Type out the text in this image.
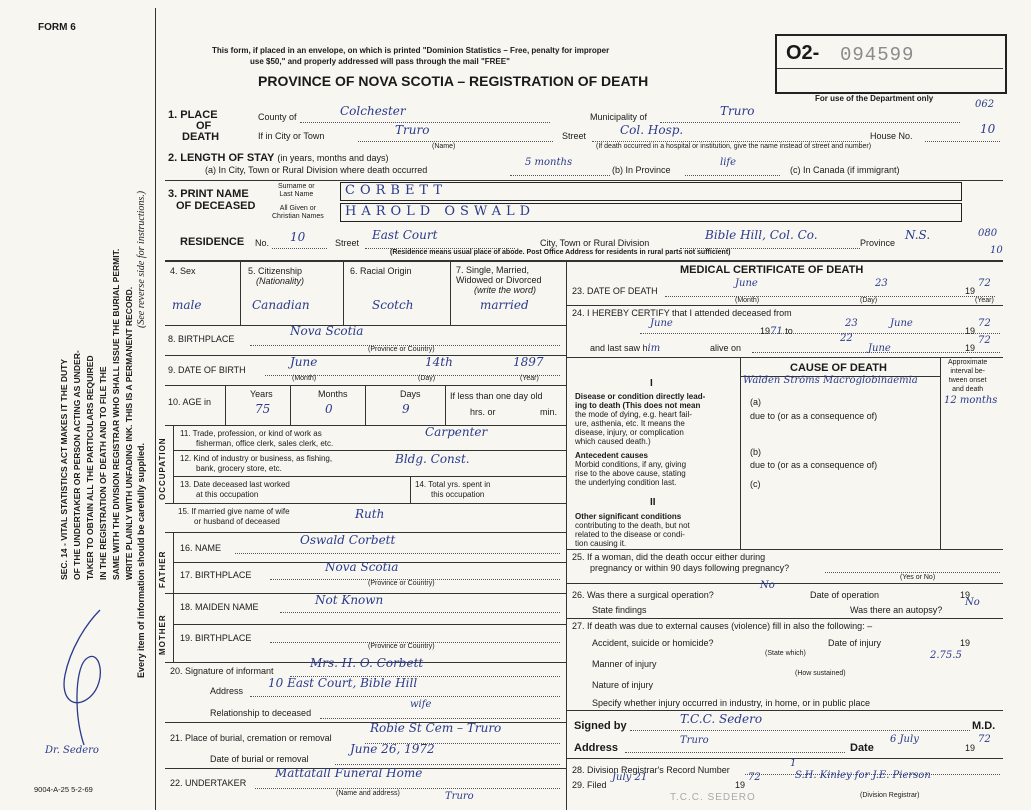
FORM 6
This form, if placed in an envelope, on which is printed "Dominion Statistics – Free, penalty for improper
use $50," and properly addressed will pass through the mail "FREE"
PROVINCE OF NOVA SCOTIA – REGISTRATION OF DEATH
O2- 094599
For use of the Department only
SEC. 14 - VITAL STATISTICS ACT MAKES IT THE DUTY OF THE UNDERTAKER OR PERSON ACTING AS UNDER- TAKER TO OBTAIN ALL THE PARTICULARS REQUIRED IN THE REGISTRATION OF DEATH AND TO FILE THE SAME WITH THE DIVISION REGISTRAR WHO SHALL ISSUE THE BURIAL PERMIT. WRITE PLAINLY WITH UNFADING INK. THIS IS A PERMANENT RECORD.
(See reverse side for instructions.)
Every item of information should be carefully supplied.
Dr. Sedero
9004-A-25 5-2-69
1. PLACE
OF
DEATH
County of	Colchester	Municipality of	Truro	062
If in City or Town	Truro
(Name)
Street	Col. Hosp.	House No.	10
(If death occurred in a hospital or institution, give the name instead of street and number)
2. LENGTH OF STAY (in years, months and days)
(a) In City, Town or Rural Division where death occurred
5 months
(b) In Province
life
(c) In Canada (if immigrant)
3. PRINT NAME
OF DECEASED
Surname or
Last Name
All Given or
Christian Names
CORBETT
HAROLD OSWALD
RESIDENCE No. 10	Street
East Court
City, Town or Rural Division
Bible Hill, Col. Co.
Province
N.S.	080
10
(Residence means usual place of abode. Post Office Address for residents in rural parts not sufficient)
4. Sex
male
5. Citizenship
(Nationality)
Canadian
6. Racial Origin
Scotch
7. Single, Married,
Widowed or Divorced
(write the word)
married
8. BIRTHPLACE
Nova Scotia
(Province or Country)
9. DATE OF BIRTH
June	14th	1897
(Month)	(Day)	(Year)
10. AGE in
Years
75
Months
0
Days
9
If less than one day old
hrs. or	min.
OCCUPATION
11. Trade, profession, or kind of work as
fisherman, office clerk, sales clerk, etc.
Carpenter
12. Kind of industry or business, as fishing,
bank, grocery store, etc.
Bldg. Const.
13. Date deceased last worked
at this occupation
14. Total yrs. spent in
this occupation
15. If married give name of wife
or husband of deceased
Ruth
FATHER
MOTHER
16. NAME
Oswald Corbett
17. BIRTHPLACE
Nova Scotia
(Province or Country)
18. MAIDEN NAME	Not Known
19. BIRTHPLACE
(Province or Country)
20. Signature of informant
Mrs. H. O. Corbett
Address
10 East Court, Bible Hill
Relationship to deceased
wife
21. Place of burial, cremation or removal
Robie St Cem – Truro
Date of burial or removal
June 26, 1972
22. UNDERTAKER
Mattatall Funeral Home
Truro
(Name and address)
MEDICAL CERTIFICATE OF DEATH
23. DATE OF DEATH
June	23
19
72
(Month)	(Day)	(Year)
24. I HEREBY CERTIFY that I attended deceased from
June
1971 to
23	June
19
72
and last saw him	alive on
22
June	19
72
CAUSE OF DEATH	Approximate
interval be-
tween onset
and death
I
Disease or condition directly lead-
ing to death (This does not mean
the mode of dying, e.g. heart fail-
ure, asthenia, etc. It means the
disease, injury, or complication
which caused death.)
(a)
Walden Ströms Macroglobinaemia
12 months
due to (or as a consequence of)
Antecedent causes
Morbid conditions, if any, giving
rise to the above cause, stating
the underlying condition last.
(b)
due to (or as a consequence of)
(c)
II
Other significant conditions
contributing to the death, but not
related to the disease or condi-
tion causing it.
25. If a woman, did the death occur either during
pregnancy or within 90 days following pregnancy?
(Yes or No)
26. Was there a surgical operation?
No
Date of operation	19
State findings	Was there an autopsy?
No
27. If death was due to external causes (violence) fill in also the following: –
Accident, suicide or homicide?	Date of injury	19
(State which)
Manner of injury
2.75.5
(How sustained)
Nature of injury
Specify whether injury occurred in industry, in home, or in public place
Signed by	T.C.C. Sedero	M.D.
Address
Truro
Date
6 July
19
72
28. Division Registrar's Record Number
1
29. Filed
July 21
19
72	S.H. Kinley for J.E. Pierson
T.C.C. SEDERO	(Division Registrar)
